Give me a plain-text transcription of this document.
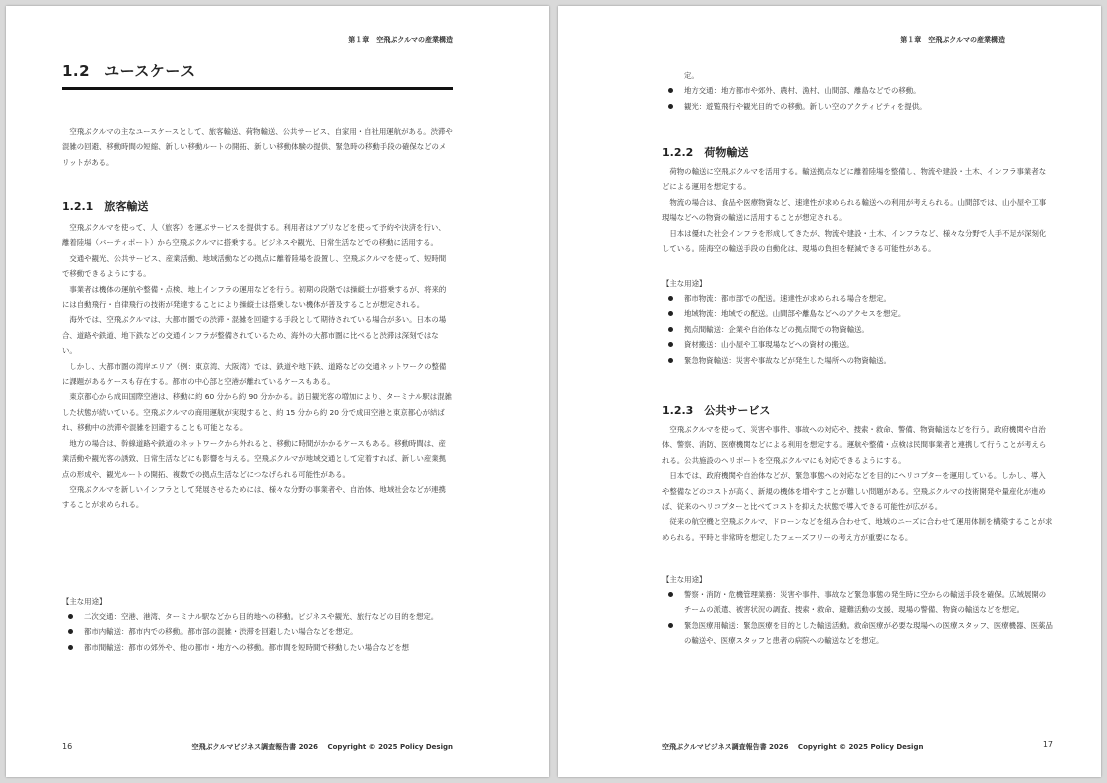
第１章　空飛ぶクルマの産業構造
1.2 ユースケース

空飛ぶクルマの主なユースケースとして、旅客輸送、荷物輸送、公共サービス、自家用・自社用運航がある。渋滞や混雑の回避、移動時間の短縮、新しい移動ルートの開拓、新しい移動体験の提供、緊急時の移動手段の確保などのメリットがある。

1.2.1 旅客輸送

空飛ぶクルマを使って、人（旅客）を運ぶサービスを提供する。利用者はアプリなどを使って予約や決済を行い、離着陸場（バーティポート）から空飛ぶクルマに搭乗する。ビジネスや観光、日常生活などでの移動に活用する。

交通や観光、公共サービス、産業活動、地域活動などの拠点に離着陸場を設置し、空飛ぶクルマを使って、短時間で移動できるようにする。

事業者は機体の運航や整備・点検、地上インフラの運用などを行う。初期の段階では操縦士が搭乗するが、将来的には自動飛行・自律飛行の技術が発達することにより操縦士は搭乗しない機体が普及することが想定される。

海外では、空飛ぶクルマは、大都市圏での渋滞・混雑を回避する手段として期待されている場合が多い。日本の場合、道路や鉄道、地下鉄などの交通インフラが整備されているため、海外の大都市圏に比べると渋滞は深刻ではない。

しかし、大都市圏の湾岸エリア（例：東京湾、大阪湾）では、鉄道や地下鉄、道路などの交通ネットワークの整備に課題があるケースも存在する。都市の中心部と空港が離れているケースもある。

東京都心から成田国際空港は、移動に約 60 分から約 90 分かかる。訪日観光客の増加により、ターミナル駅は混雑した状態が続いている。空飛ぶクルマの商用運航が実現すると、約 15 分から約 20 分で成田空港と東京都心が結ばれ、移動中の渋滞や混雑を回避することも可能となる。

地方の場合は、幹線道路や鉄道のネットワークから外れると、移動に時間がかかるケースもある。移動時間は、産業活動や観光客の誘致、日常生活などにも影響を与える。空飛ぶクルマが地域交通として定着すれば、新しい産業拠点の形成や、観光ルートの開拓、複数での拠点生活などにつなげられる可能性がある。

空飛ぶクルマを新しいインフラとして発展させるためには、様々な分野の事業者や、自治体、地域社会などが連携することが求められる。

【主な用途】
二次交通：空港、港湾、ターミナル駅などから目的地への移動。ビジネスや観光、旅行などの目的を想定。
都市内輸送：都市内での移動。都市部の混雑・渋滞を回避したい場合などを想定。
都市間輸送：都市の郊外や、他の都市・地方への移動。都市間を短時間で移動したい場合などを想
16	空飛ぶクルマビジネス調査報告書 2026　 Copyright © 2025 Policy Design
第１章　空飛ぶクルマの産業構造
定。
地方交通：地方都市や郊外、農村、漁村、山間部、離島などでの移動。
観光：遊覧飛行や観光目的での移動。新しい空のアクティビティを提供。
1.2.2 荷物輸送

荷物の輸送に空飛ぶクルマを活用する。輸送拠点などに離着陸場を整備し、物流や建設・土木、インフラ事業者などによる運用を想定する。

物流の場合は、食品や医療物資など、速達性が求められる輸送への利用が考えられる。山間部では、山小屋や工事現場などへの物資の輸送に活用することが想定される。

日本は優れた社会インフラを形成してきたが、物流や建設・土木、インフラなど、様々な分野で人手不足が深刻化している。陸海空の輸送手段の自動化は、現場の負担を軽減できる可能性がある。

【主な用途】
都市物流：都市部での配送。速達性が求められる場合を想定。
地域物流：地域での配送。山間部や離島などへのアクセスを想定。
拠点間輸送：企業や自治体などの拠点間での物資輸送。
資材搬送：山小屋や工事現場などへの資材の搬送。
緊急物資輸送：災害や事故などが発生した場所への物資輸送。
1.2.3 公共サービス

空飛ぶクルマを使って、災害や事件、事故への対応や、捜索・救命、警備、物資輸送などを行う。政府機関や自治体、警察、消防、医療機関などによる利用を想定する。運航や整備・点検は民間事業者と連携して行うことが考えられる。公共施設のヘリポートを空飛ぶクルマにも対応できるようにする。

日本では、政府機関や自治体などが、緊急事態への対応などを目的にヘリコプターを運用している。しかし、導入や整備などのコストが高く、新規の機体を増やすことが難しい問題がある。空飛ぶクルマの技術開発や量産化が進めば、従来のヘリコプターと比べてコストを抑えた状態で導入できる可能性が広がる。

従来の航空機と空飛ぶクルマ、ドローンなどを組み合わせて、地域のニーズに合わせて運用体制を構築することが求められる。平時と非常時を想定したフェーズフリーの考え方が重要になる。

【主な用途】
警察・消防・危機管理業務：災害や事件、事故など緊急事態の発生時に空からの輸送手段を確保。広域展開のチームの派遣、被害状況の調査、捜索・救命、避難活動の支援、現場の警備、物資の輸送などを想定。
緊急医療用輸送：緊急医療を目的とした輸送活動。救命医療が必要な現場への医療スタッフ、医療機器、医薬品の輸送や、医療スタッフと患者の病院への輸送などを想定。
空飛ぶクルマビジネス調査報告書 2026　 Copyright © 2025 Policy Design	17
